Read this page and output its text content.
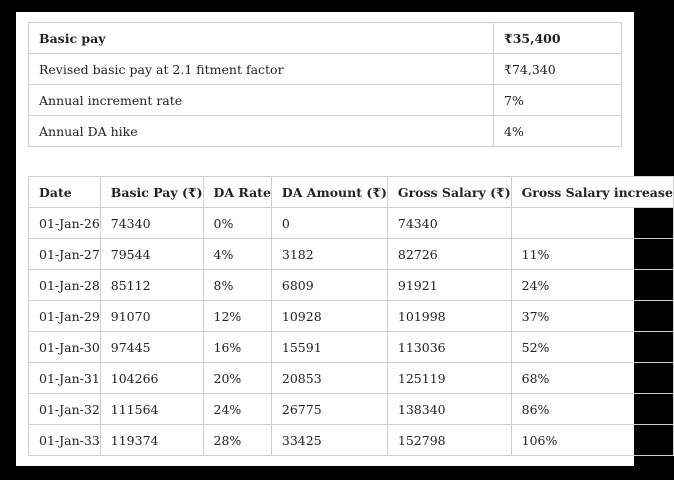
Basic pay	₹35,400
Revised basic pay at 2.1 fitment factor	₹74,340
Annual increment rate	7%
Annual DA hike	4%
Date	Basic Pay (₹)	DA Rate	DA Amount (₹)	Gross Salary (₹)	Gross Salary increase
01-Jan-26	74340	0%	0	74340	
01-Jan-27	79544	4%	3182	82726	11%
01-Jan-28	85112	8%	6809	91921	24%
01-Jan-29	91070	12%	10928	101998	37%
01-Jan-30	97445	16%	15591	113036	52%
01-Jan-31	104266	20%	20853	125119	68%
01-Jan-32	111564	24%	26775	138340	86%
01-Jan-33	119374	28%	33425	152798	106%
